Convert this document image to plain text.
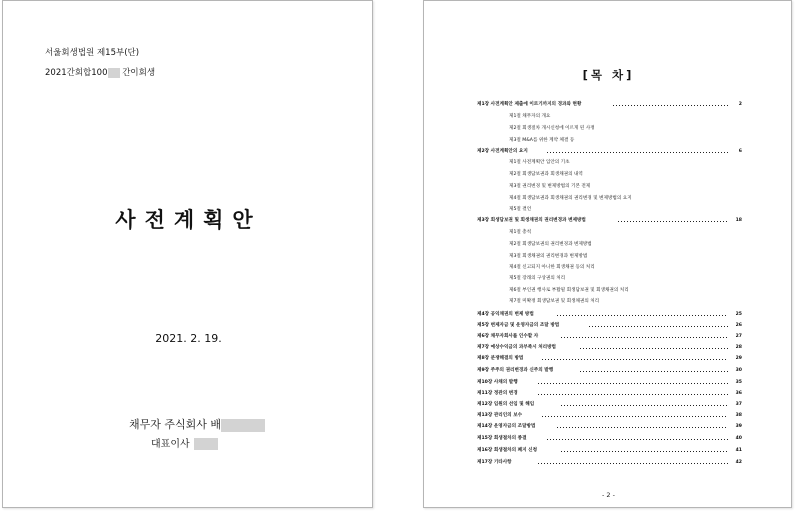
서울회생법원 제15부(단)
2021간회합100 간이회생
사전계획안
2021. 2. 19.
채무자 주식회사 배
대표이사
[목 차]
제1장 사전계획안 제출에 이르기까지의 경과와 현황	2
제1절 채무자의 개요
제2절 회생절차 개시신청에 이르게 된 사정
제3절 M&A를 위한 계약 체결 등
제2장 사전계획안의 요지	6
제1절 사전계획안 입안의 기초
제2절 회생담보권과 회생채권의 내역
제3절 권리변경 및 변제방법의 기본 전제
제4절 회생담보권과 회생채권의 권리변경 및 변제방법의 요지
제5절 결언
제3장 회생담보권 및 회생채권의 권리변경과 변제방법	18
제1절 총칙
제2절 회생담보권의 권리변경과 변제방법
제3절 회생채권의 권리변경과 변제방법
제4절 신고되지 아니한 회생채권 등의 처리
제5절 장래의 구상권의 처리
제6절 부인권 행사로 부활될 회생담보권 및 회생채권의 처리
제7절 미확정 회생담보권 및 회생채권의 처리
제4장 공익채권의 변제 방법	25
제5장 변제자금 및 운영자금의 조달 방법	26
제6장 채무자회사를 인수할 자	27
제7장 예상수익금의 과부족시 처리방법	28
제8장 분쟁해결의 방법	29
제9장 주주의 권리변경과 신주의 발행	30
제10장 사채의 발행	35
제11장 정관의 변경	36
제12장 임원의 선임 및 해임	37
제13장 관리인의 보수	38
제14장 운영자금의 조달방법	39
제15장 회생절차의 종결	40
제16장 회생절차의 폐지 신청	41
제17장 기타사항	42
- 2 -
